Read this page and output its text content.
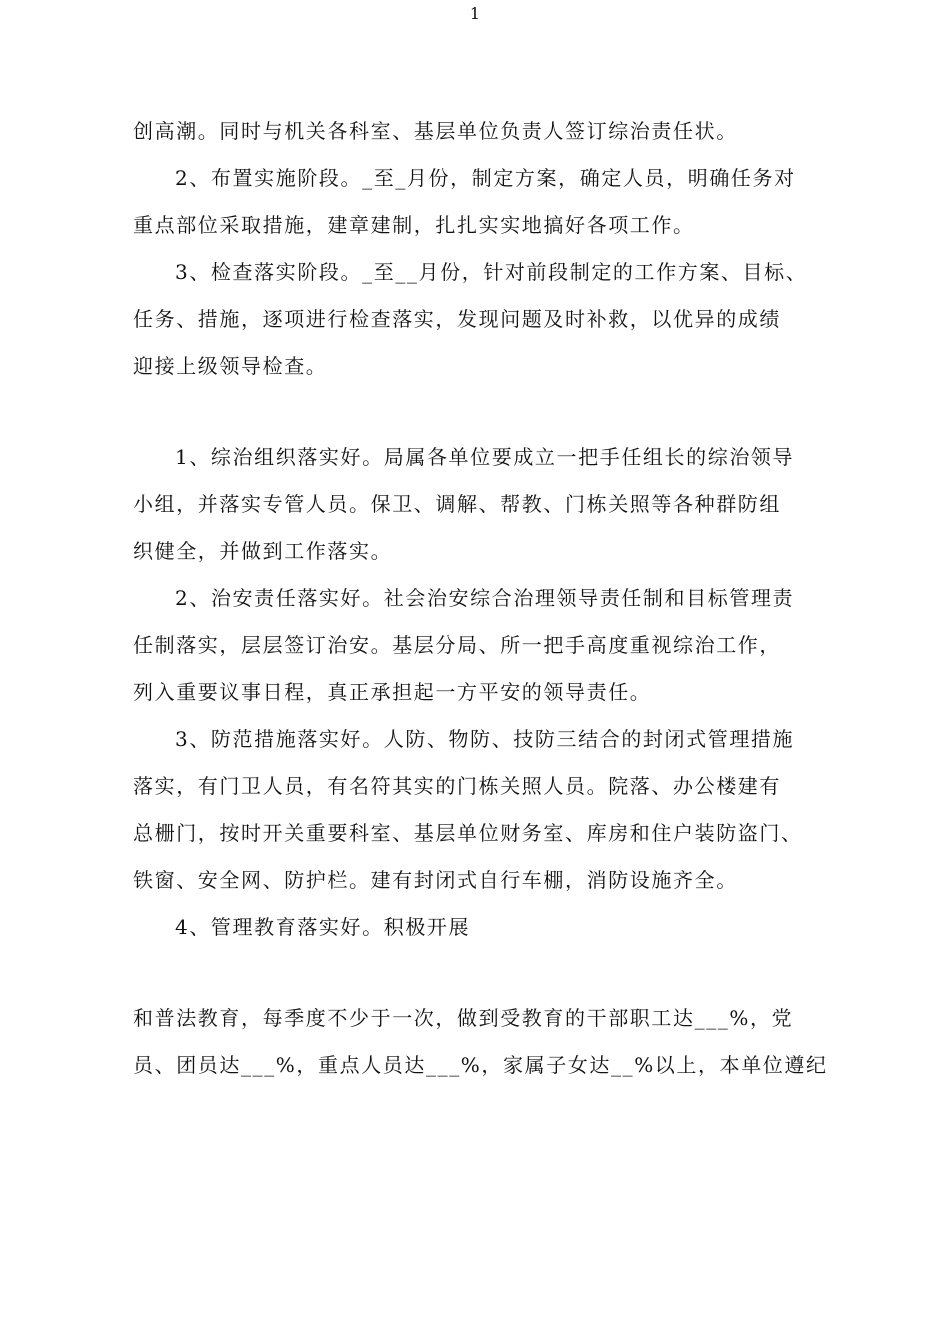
1
创高潮。同时与机关各科室、基层单位负责人签订综治责任状。
2、布置实施阶段。_至_月份，制定方案，确定人员，明确任务对
重点部位采取措施，建章建制，扎扎实实地搞好各项工作。
3、检查落实阶段。_至__月份，针对前段制定的工作方案、目标、
任务、措施，逐项进行检查落实，发现问题及时补救，以优异的成绩
迎接上级领导检查。
1、综治组织落实好。局属各单位要成立一把手任组长的综治领导
小组，并落实专管人员。保卫、调解、帮教、门栋关照等各种群防组
织健全，并做到工作落实。
2、治安责任落实好。社会治安综合治理领导责任制和目标管理责
任制落实，层层签订治安。基层分局、所一把手高度重视综治工作，
列入重要议事日程，真正承担起一方平安的领导责任。
3、防范措施落实好。人防、物防、技防三结合的封闭式管理措施
落实，有门卫人员，有名符其实的门栋关照人员。院落、办公楼建有
总栅门，按时开关重要科室、基层单位财务室、库房和住户装防盗门、
铁窗、安全网、防护栏。建有封闭式自行车棚，消防设施齐全。
4、管理教育落实好。积极开展
和普法教育，每季度不少于一次，做到受教育的干部职工达___%，党
员、团员达___%，重点人员达___%，家属子女达__%以上，本单位遵纪
